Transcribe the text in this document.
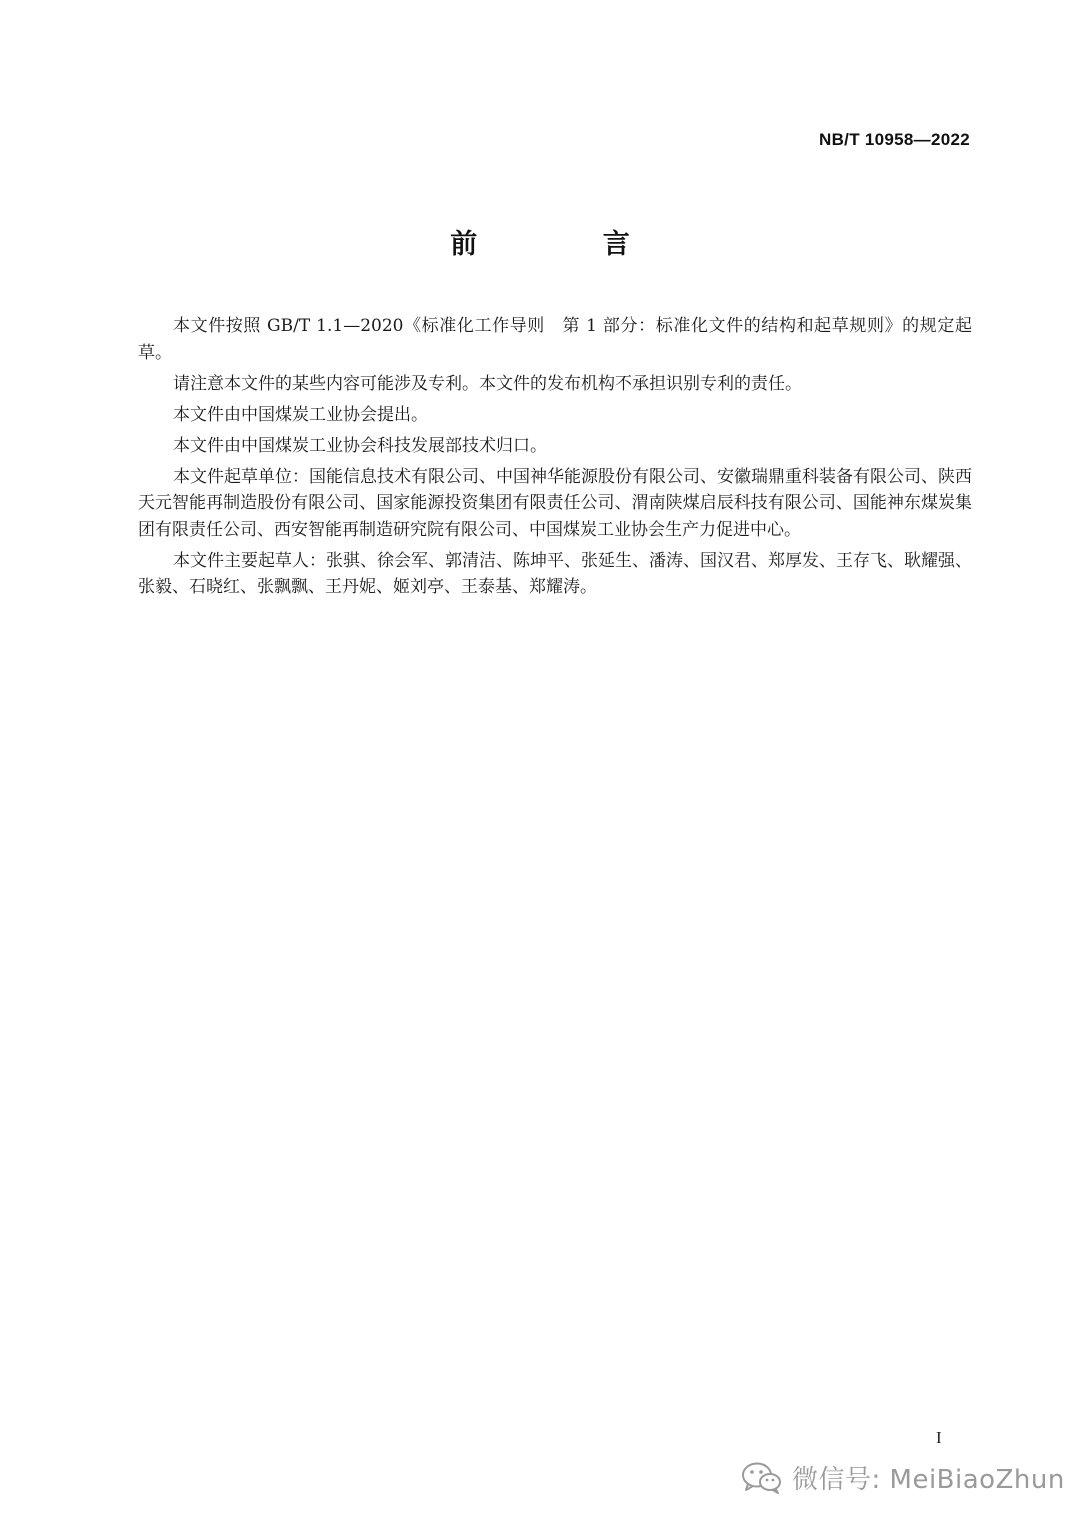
NB/T 10958—2022
前 言

本文件按照 GB/T 1.1—2020《标准化工作导则　第 1 部分：标准化文件的结构和起草规则》的规定起草。

请注意本文件的某些内容可能涉及专利。本文件的发布机构不承担识别专利的责任。

本文件由中国煤炭工业协会提出。

本文件由中国煤炭工业协会科技发展部技术归口。

本文件起草单位：国能信息技术有限公司、中国神华能源股份有限公司、安徽瑞鼎重科装备有限公司、陕西天元智能再制造股份有限公司、国家能源投资集团有限责任公司、渭南陕煤启辰科技有限公司、国能神东煤炭集团有限责任公司、西安智能再制造研究院有限公司、中国煤炭工业协会生产力促进中心。

本文件主要起草人：张骐、徐会军、郭清洁、陈坤平、张延生、潘涛、国汉君、郑厚发、王存飞、耿耀强、张毅、石晓红、张飘飘、王丹妮、姬刘亭、王泰基、郑耀涛。

I
微信号: MeiBiaoZhun
